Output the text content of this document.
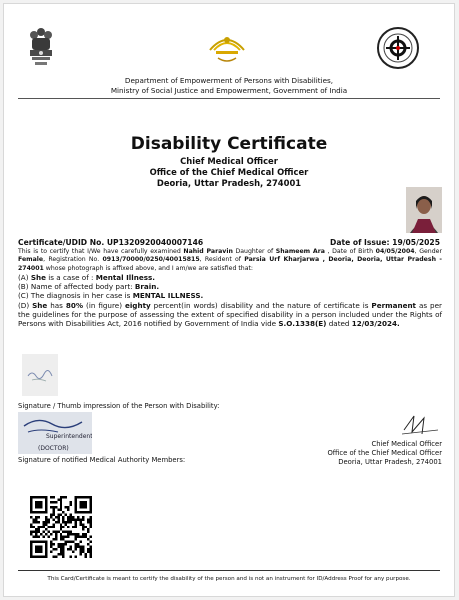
Department of Empowerment of Persons with Disabilities,
Ministry of Social Justice and Empowerment, Government of India
Disability Certificate
Chief Medical Officer
Office of the Chief Medical Officer
Deoria, Uttar Pradesh, 274001
Certificate/UDID No. UP1320920040007146	Date of Issue: 19/05/2025

This is to certify that I/We have carefully examined Nahid Paravin Daughter of Shameem Ara , Date of Birth 04/05/2004, Gender Female, Registration No. 0913/70000/0250/40015815, Resident of Parsia Urf Kharjarwa , Deoria, Deoria, Uttar Pradesh - 274001 whose photograph is affixed above, and I am/we are satisfied that:

(A) She is a case of : Mental Illness.

(B) Name of affected body part: Brain.

(C) The diagnosis in her case is MENTAL ILLNESS.

(D) She has 80% (in figure) eighty percent(in words) disability and the nature of certificate is Permanent as per the guidelines for the purpose of assessing the extent of specified disability in a person included under the Rights of Persons with Disabilities Act, 2016 notified by Government of India vide S.O.1338(E) dated 12/03/2024.

Signature / Thumb impression of the Person with Disability:
Superintendent
(DOCTOR)
Signature of notified Medical Authority Members:
Chief Medical Officer
Office of the Chief Medical Officer
Deoria, Uttar Pradesh, 274001
This Card/Certificate is meant to certify the disability of the person and is not an instrument for ID/Address Proof for any purpose.
